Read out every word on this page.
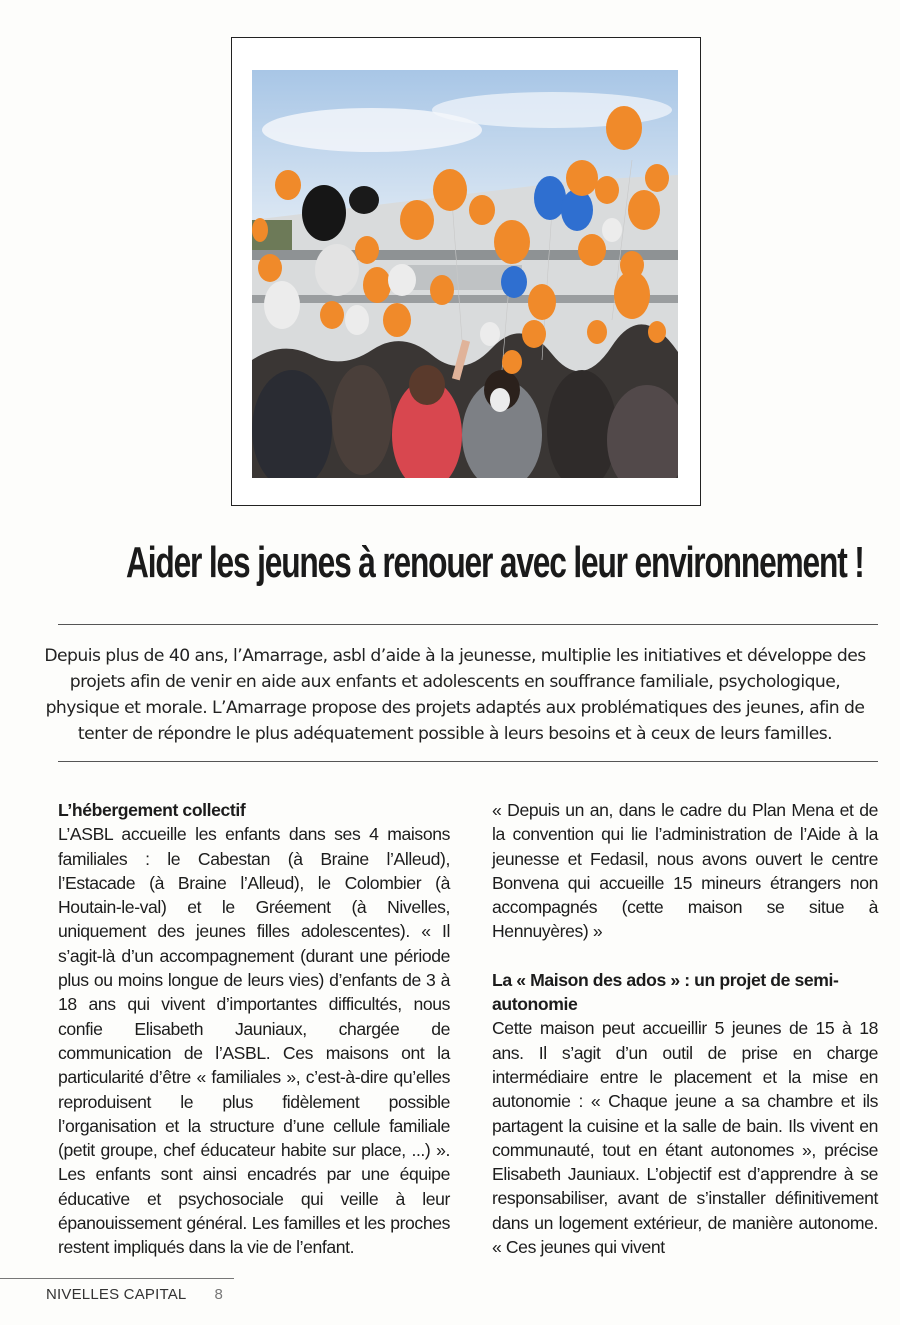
Aider les jeunes à renouer avec leur environnement !
Depuis plus de 40 ans, l’Amarrage, asbl d’aide à la jeunesse, multiplie les initiatives et développe des projets afin de venir en aide aux enfants et adolescents en souffrance familiale, psychologique, physique et morale. L’Amarrage propose des projets adaptés aux problématiques des jeunes, afin de tenter de répondre le plus adéquatement possible à leurs besoins et à ceux de leurs familles.

L’hébergement collectif

L’ASBL accueille les enfants dans ses 4 maisons familiales : le Cabestan (à Braine l’Alleud), l’Estacade (à Braine l’Alleud), le Colombier (à Houtain-le-val) et le Gréement (à Nivelles, uniquement des jeunes filles adolescentes). « Il s’agit-là d’un accompagnement (durant une période plus ou moins longue de leurs vies) d’enfants de 3 à 18 ans qui vivent d’importantes difficultés, nous confie Elisabeth Jauniaux, chargée de communication de l’ASBL. Ces maisons ont la particularité d’être « familiales », c’est-à-dire qu’elles reproduisent le plus fidèlement possible l’organisation et la structure d’une cellule familiale (petit groupe, chef éducateur habite sur place, ...) ». Les enfants sont ainsi encadrés par une équipe éducative et psychosociale qui veille à leur épanouissement général. Les familles et les proches restent impliqués dans la vie de l’enfant.

« Depuis un an, dans le cadre du Plan Mena et de la convention qui lie l’administration de l’Aide à la jeunesse et Fedasil, nous avons ouvert le centre Bonvena qui accueille 15 mineurs étrangers non accompagnés (cette maison se situe à Hennuyères) »

La « Maison des ados » : un projet de semi-autonomie

Cette maison peut accueillir 5 jeunes de 15 à 18 ans. Il s’agit d’un outil de prise en charge intermédiaire entre le placement et la mise en autonomie : « Chaque jeune a sa chambre et ils partagent la cuisine et la salle de bain. Ils vivent en communauté, tout en étant autonomes », précise Elisabeth Jauniaux. L’objectif est d’apprendre à se responsabiliser, avant de s’installer définitivement dans un logement extérieur, de manière autonome. « Ces jeunes qui vivent

NIVELLES CAPITAL 8
